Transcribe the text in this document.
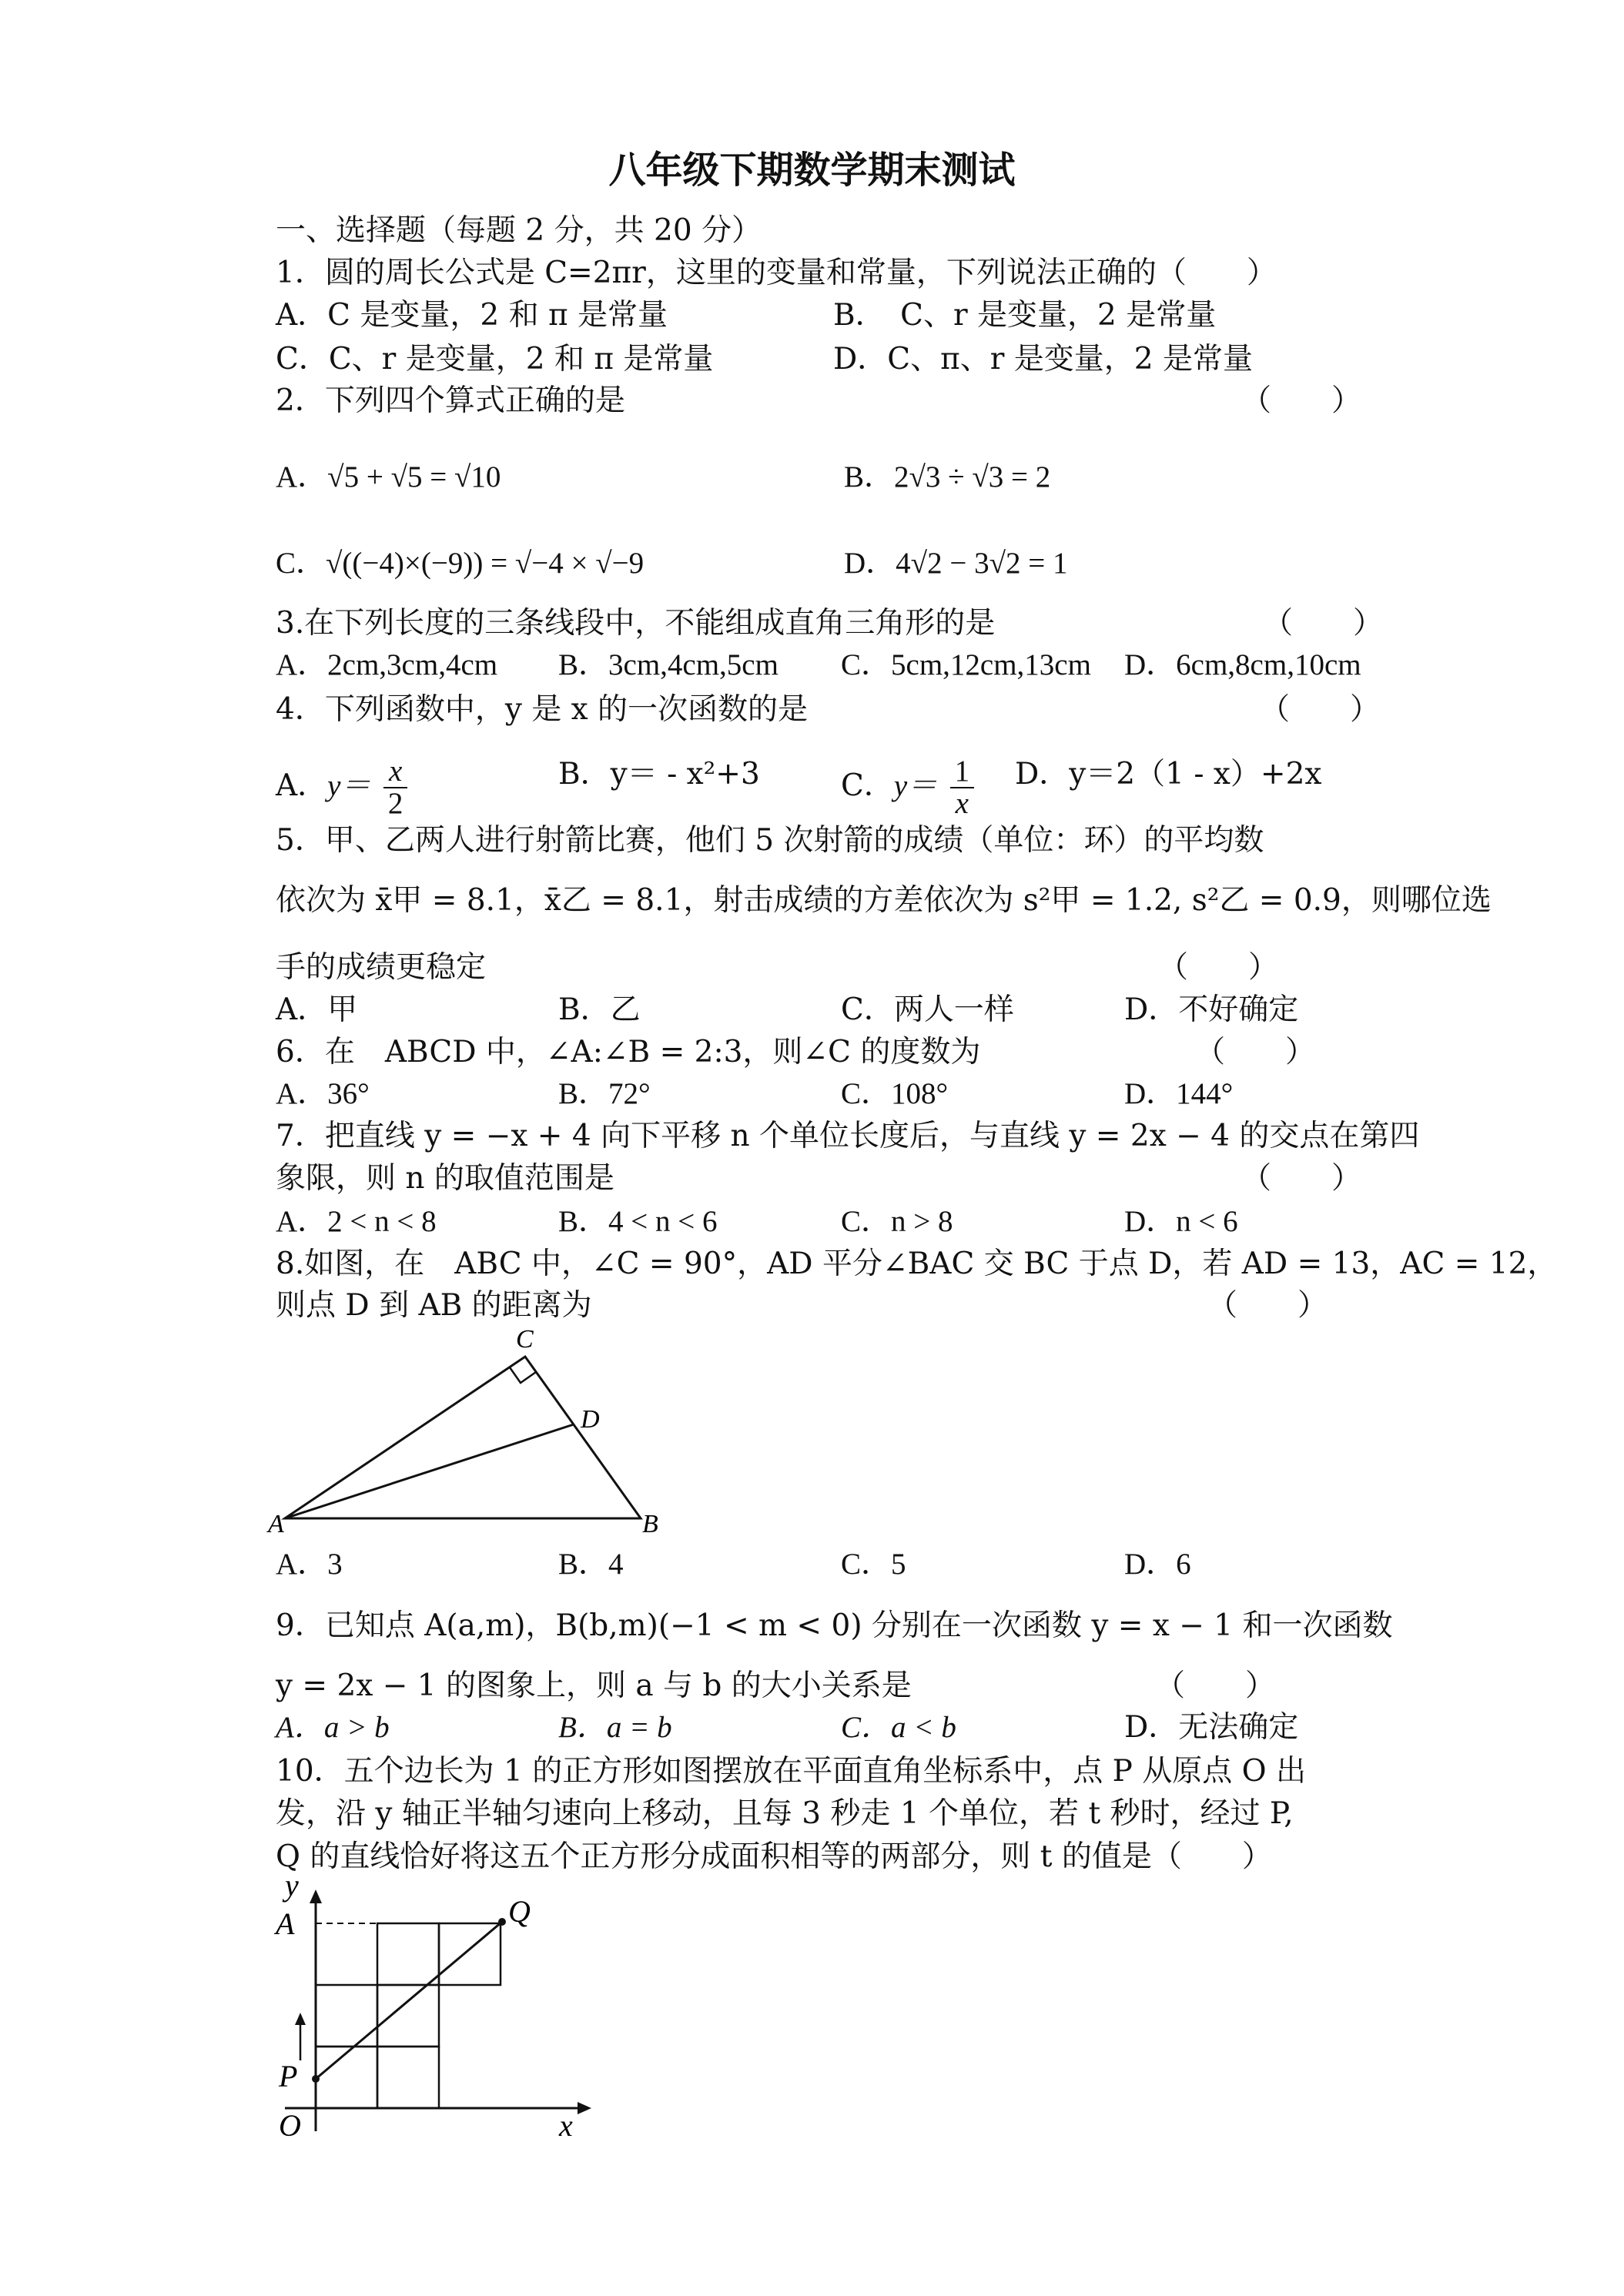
八年级下期数学期末测试
一、选择题（每题 2 分，共 20 分）
1．圆的周长公式是 C=2πr，这里的变量和常量，下列说法正确的（　　）
A．C 是变量，2 和 π 是常量	B．　C、r 是变量，2 是常量
C．C、r 是变量，2 和 π 是常量	D．C、π、r 是变量，2 是常量
2．下列四个算式正确的是	（　　）
A．√5 + √5 = √10	B．2√3 ÷ √3 = 2
C．√((−4)×(−9)) = √−4 × √−9	D．4√2 − 3√2 = 1
3.在下列长度的三条线段中，不能组成直角三角形的是	（　　）
A．2cm,3cm,4cm B．3cm,4cm,5cm C．5cm,12cm,13cm D．6cm,8cm,10cm
4．下列函数中，y 是 x 的一次函数的是	（　　）
A．$y= \frac{x}{2}$	B．y＝ - x²+3	C．$y= \frac{1}{x}$ D．y＝2（1 - x）+2x
5．甲、乙两人进行射箭比赛，他们 5 次射箭的成绩（单位：环）的平均数
依次为 x̄甲 = 8.1，x̄乙 = 8.1，射击成绩的方差依次为 s²甲 = 1.2, s²乙 = 0.9，则哪位选
手的成绩更稳定	（　　）
A．甲	B．乙	C．两人一样	D．不好确定
6．在　ABCD 中，∠A:∠B = 2:3，则∠C 的度数为	（　　）
A．36°	B．72°	C．108°	D．144°
7．把直线 y = −x + 4 向下平移 n 个单位长度后，与直线 y = 2x − 4 的交点在第四
象限，则 n 的取值范围是	（　　）
A．2 < n < 8	B．4 < n < 6	C．n > 8	D．n < 6
8.如图，在　ABC 中，∠C = 90°，AD 平分∠BAC 交 BC 于点 D，若 AD = 13，AC = 12，
则点 D 到 AB 的距离为	（　　）
A	B
C
D
A．3	B．4	C．5	D．6
9．已知点 A(a,m)，B(b,m)(−1 < m < 0) 分别在一次函数 y = x − 1 和一次函数
y = 2x − 1 的图象上，则 a 与 b 的大小关系是	（　　）
A．a > b	B．a = b	C．a < b	D．无法确定
10．五个边长为 1 的正方形如图摆放在平面直角坐标系中，点 P 从原点 O 出
发，沿 y 轴正半轴匀速向上移动，且每 3 秒走 1 个单位，若 t 秒时，经过 P,
Q 的直线恰好将这五个正方形分成面积相等的两部分，则 t 的值是（　　）
y
A	Q
P
O	x
